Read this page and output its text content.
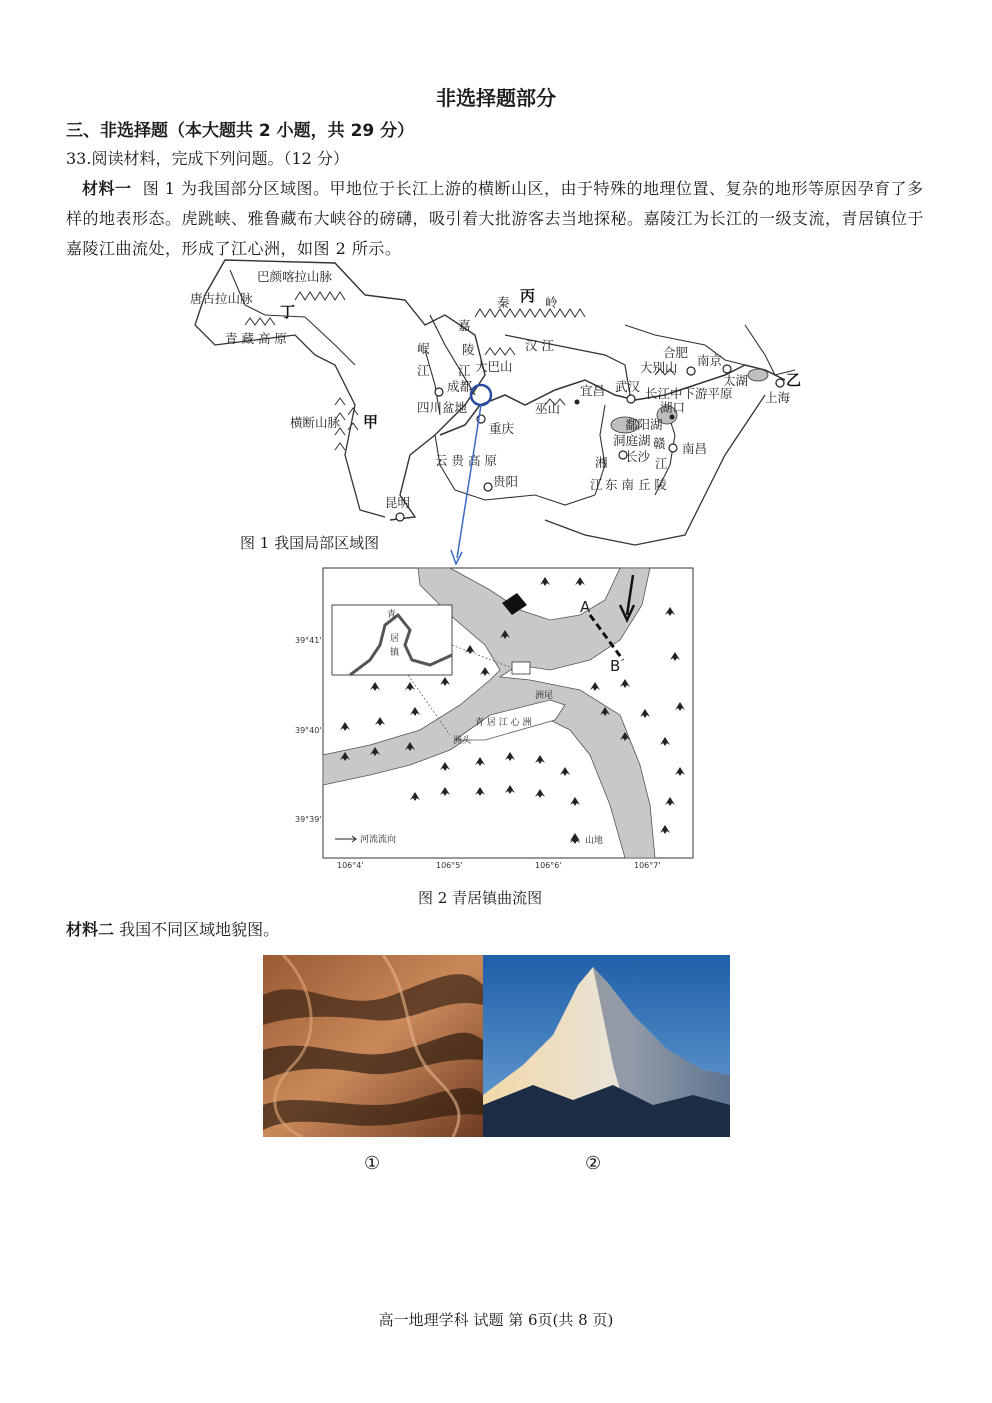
非选择题部分
三、非选择题（本大题共 2 小题，共 29 分）
33.阅读材料，完成下列问题。（12 分）
材料一 图 1 为我国部分区域图。甲地位于长江上游的横断山区，由于特殊的地理位置、复杂的地形等原因孕育了多样的地表形态。虎跳峡、雅鲁藏布大峡谷的磅礴，吸引着大批游客去当地探秘。嘉陵江为长江的一级支流，青居镇位于嘉陵江曲流处，形成了江心洲，如图 2 所示。
巴颜喀拉山脉
唐古拉山脉
丁
青 藏 高 原
秦 丙 岭
嘉
陵
江
汉 江
岷
江	大巴山
成都
四川盆地
重庆
横断山脉 甲
宜昌
巫山
武汉
合肥
南京
大别山
太湖	乙
上海
长江中下游平原
湖口
鄱阳湖
洞庭湖 赣
江
南昌
长沙
湘
江 东 南 丘 陵
云 贵 高 原
贵阳
昆明
图 1 我国局部区域图
青
居
镇
A
B
洲尾
洲头
青 居 江 心 洲
河流流向	山地
39°41'
39°40'
39°39'
106°4'	106°5'	106°6'	106°7'
图 2 青居镇曲流图
材料二 我国不同区域地貌图。
①	②
高一地理学科 试题 第 6页(共 8 页)
